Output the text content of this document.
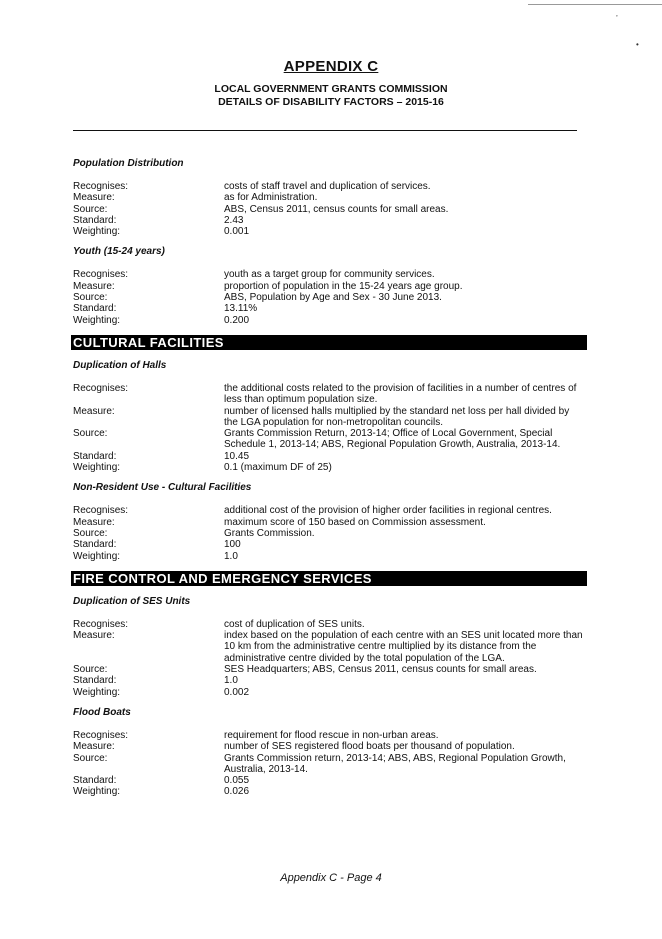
’
•
APPENDIX C
LOCAL GOVERNMENT GRANTS COMMISSION
DETAILS OF DISABILITY FACTORS – 2015-16
Population Distribution
Recognises:	costs of staff travel and duplication of services.
Measure:	as for Administration.
Source:	ABS, Census 2011, census counts for small areas.
Standard:	2.43
Weighting:	0.001
Youth (15-24 years)
Recognises:	youth as a target group for community services.
Measure:	proportion of population in the 15-24 years age group.
Source:	ABS, Population by Age and Sex - 30 June 2013.
Standard:	13.11%
Weighting:	0.200
CULTURAL FACILITIES
Duplication of Halls
Recognises:	the additional costs related to the provision of facilities in a number of centres of less than optimum population size.
Measure:	number of licensed halls multiplied by the standard net loss per hall divided by the LGA population for non-metropolitan councils.
Source:	Grants Commission Return, 2013-14; Office of Local Government, Special Schedule 1, 2013-14; ABS, Regional Population Growth, Australia, 2013-14.
Standard:	10.45
Weighting:	0.1 (maximum DF of 25)
Non-Resident Use - Cultural Facilities
Recognises:	additional cost of the provision of higher order facilities in regional centres.
Measure:	maximum score of 150 based on Commission assessment.
Source:	Grants Commission.
Standard:	100
Weighting:	1.0
FIRE CONTROL AND EMERGENCY SERVICES
Duplication of SES Units
Recognises:	cost of duplication of SES units.
Measure:	index based on the population of each centre with an SES unit located more than 10 km from the administrative centre multiplied by its distance from the administrative centre divided by the total population of the LGA.
Source:	SES Headquarters; ABS, Census 2011, census counts for small areas.
Standard:	1.0
Weighting:	0.002
Flood Boats
Recognises:	requirement for flood rescue in non-urban areas.
Measure:	number of SES registered flood boats per thousand of population.
Source:	Grants Commission return, 2013-14; ABS, ABS, Regional Population Growth, Australia, 2013-14.
Standard:	0.055
Weighting:	0.026
Appendix C - Page 4
